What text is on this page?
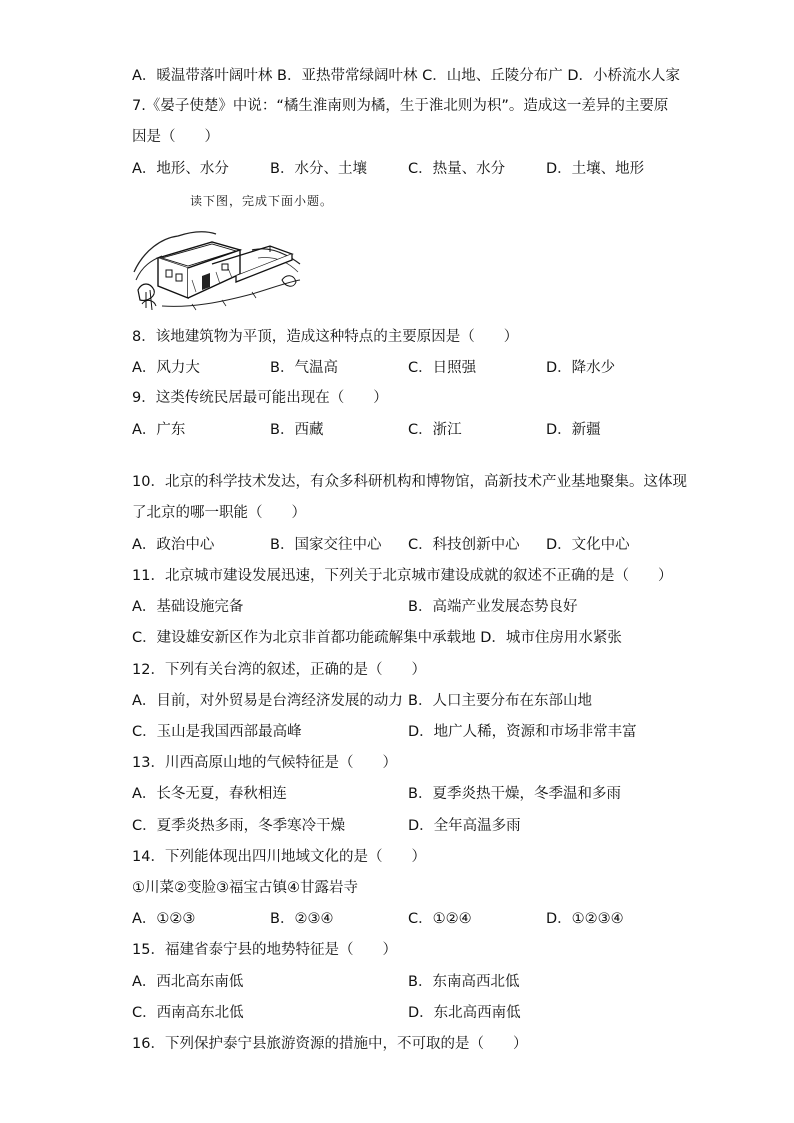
A．暖温带落叶阔叶林 B．亚热带常绿阔叶林 C．山地、丘陵分布广 D．小桥流水人家
7.《晏子使楚》中说：“橘生淮南则为橘，生于淮北则为枳”。造成这一差异的主要原
因是（　　）
A．地形、水分	B．水分、土壤	C．热量、水分	D．土壤、地形
读下图，完成下面小题。
8．该地建筑物为平顶，造成这种特点的主要原因是（　　）
A．风力大	B．气温高	C．日照强	D．降水少
9．这类传统民居最可能出现在（　　）
A．广东	B．西藏	C．浙江	D．新疆
10．北京的科学技术发达，有众多科研机构和博物馆，高新技术产业基地聚集。这体现
了北京的哪一职能（　　）
A．政治中心	B．国家交往中心 C．科技创新中心 D．文化中心
11．北京城市建设发展迅速，下列关于北京城市建设成就的叙述不正确的是（　　）
A．基础设施完备	B．高端产业发展态势良好
C．建设雄安新区作为北京非首都功能疏解集中承载地 D．城市住房用水紧张
12．下列有关台湾的叙述，正确的是（　　）
A．目前，对外贸易是台湾经济发展的动力 B．人口主要分布在东部山地
C．玉山是我国西部最高峰	D．地广人稀，资源和市场非常丰富
13．川西高原山地的气候特征是（　　）
A．长冬无夏，春秋相连	B．夏季炎热干燥，冬季温和多雨
C．夏季炎热多雨，冬季寒冷干燥	D．全年高温多雨
14．下列能体现出四川地域文化的是（　　）
①川菜②变脸③福宝古镇④甘露岩寺
A．①②③	B．②③④	C．①②④	D．①②③④
15．福建省泰宁县的地势特征是（　　）
A．西北高东南低	B．东南高西北低
C．西南高东北低	D．东北高西南低
16．下列保护泰宁县旅游资源的措施中，不可取的是（　　）
